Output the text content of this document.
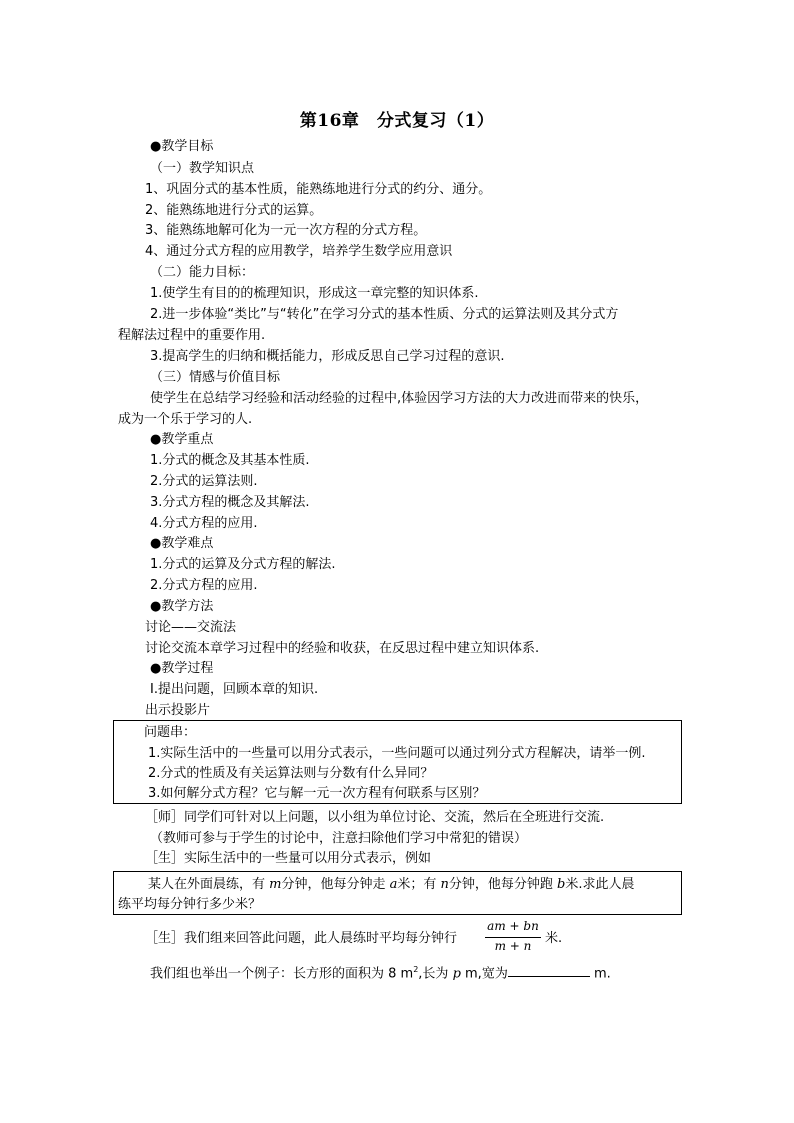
第16章　分式复习（1）
●教学目标
（一）教学知识点
1、巩固分式的基本性质，能熟练地进行分式的约分、通分。
2、能熟练地进行分式的运算。
3、能熟练地解可化为一元一次方程的分式方程。
4、通过分式方程的应用教学，培养学生数学应用意识
（二）能力目标：
1.使学生有目的的梳理知识，形成这一章完整的知识体系.
2.进一步体验“类比”与“转化”在学习分式的基本性质、分式的运算法则及其分式方
程解法过程中的重要作用.
3.提高学生的归纳和概括能力，形成反思自己学习过程的意识.
（三）情感与价值目标
使学生在总结学习经验和活动经验的过程中,体验因学习方法的大力改进而带来的快乐，
成为一个乐于学习的人.
●教学重点
1.分式的概念及其基本性质.
2.分式的运算法则.
3.分式方程的概念及其解法.
4.分式方程的应用.
●教学难点
1.分式的运算及分式方程的解法.
2.分式方程的应用.
●教学方法
讨论——交流法
讨论交流本章学习过程中的经验和收获，在反思过程中建立知识体系.
●教学过程
Ⅰ.提出问题，回顾本章的知识.
出示投影片
问题串：
1.实际生活中的一些量可以用分式表示，一些问题可以通过列分式方程解决，请举一例.
2.分式的性质及有关运算法则与分数有什么异同？
3.如何解分式方程？它与解一元一次方程有何联系与区别？
［师］同学们可针对以上问题，以小组为单位讨论、交流，然后在全班进行交流.
（教师可参与于学生的讨论中，注意扫除他们学习中常犯的错误）
［生］实际生活中的一些量可以用分式表示，例如
某人在外面晨练，有 m分钟，他每分钟走 a米；有 n分钟，他每分钟跑 b米.求此人晨
练平均每分钟行多少米？
［生］我们组来回答此问题，此人晨练时平均每分钟行
am + bn
m + n	米.
我们组也举出一个例子：长方形的面积为 8 $m^2$,长为 p m,宽为	m.
